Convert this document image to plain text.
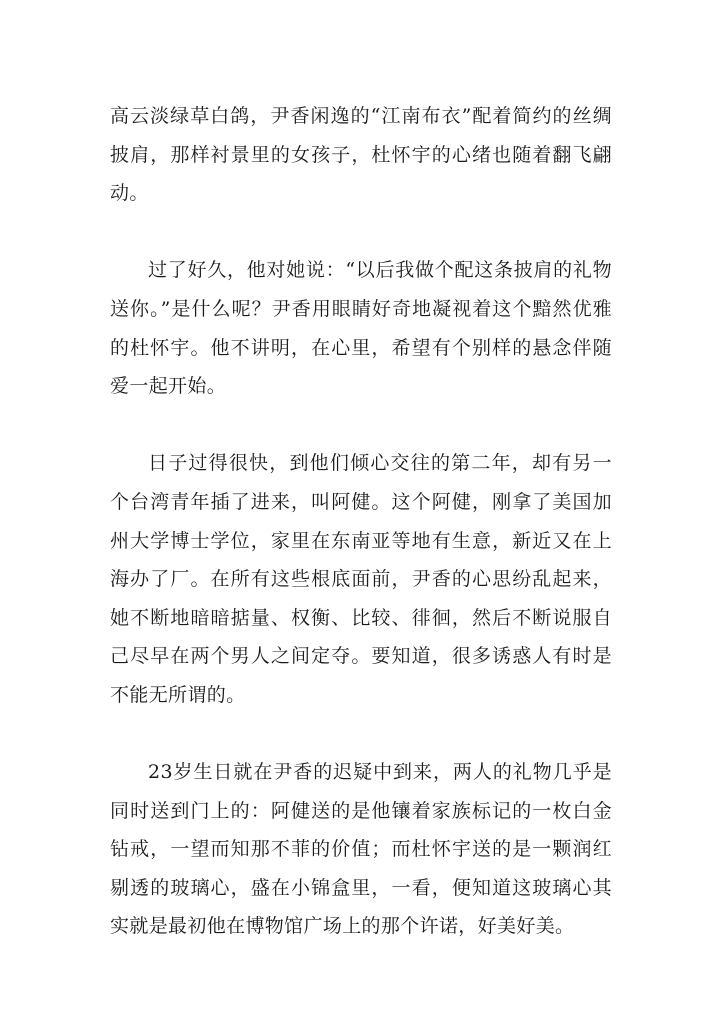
高云淡绿草白鸽，尹香闲逸的“江南布衣”配着简约的丝绸披肩，那样衬景里的女孩子，杜怀宇的心绪也随着翻飞翩动。

过了好久，他对她说：“以后我做个配这条披肩的礼物送你。”是什么呢？尹香用眼睛好奇地凝视着这个黯然优雅的杜怀宇。他不讲明，在心里，希望有个别样的悬念伴随爱一起开始。

日子过得很快，到他们倾心交往的第二年，却有另一个台湾青年插了进来，叫阿健。这个阿健，刚拿了美国加州大学博士学位，家里在东南亚等地有生意，新近又在上海办了厂。在所有这些根底面前，尹香的心思纷乱起来，她不断地暗暗掂量、权衡、比较、徘徊，然后不断说服自己尽早在两个男人之间定夺。要知道，很多诱惑人有时是不能无所谓的。

23岁生日就在尹香的迟疑中到来，两人的礼物几乎是同时送到门上的：阿健送的是他镶着家族标记的一枚白金钻戒，一望而知那不菲的价值；而杜怀宇送的是一颗润红剔透的玻璃心，盛在小锦盒里，一看，便知道这玻璃心其实就是最初他在博物馆广场上的那个许诺，好美好美。
